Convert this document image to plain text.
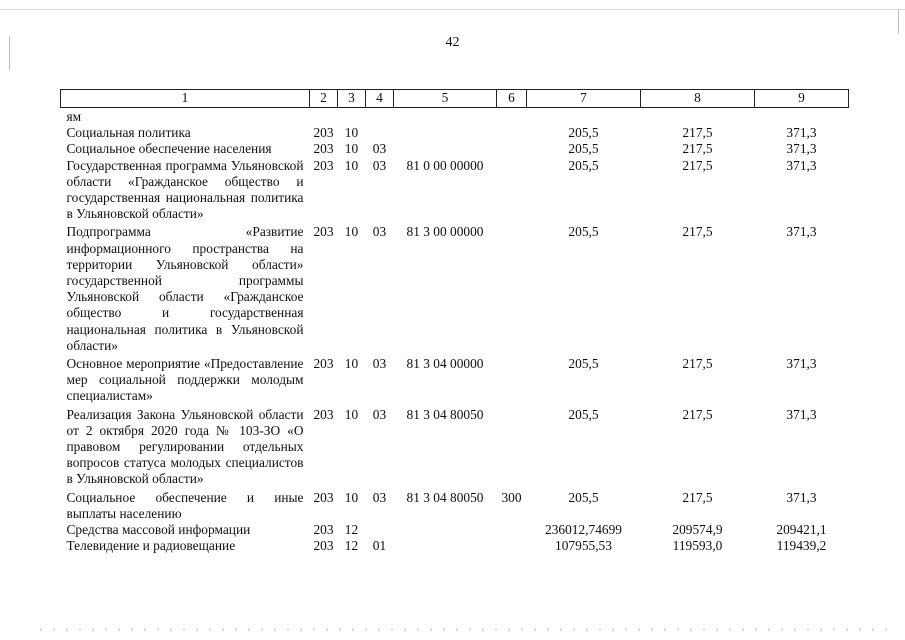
42
1	2	3	4	5	6	7	8	9
ям								
Социальная политика	203	10				205,5	217,5	371,3
Социальное обеспечение населения	203	10	03			205,5	217,5	371,3
Государственная программа Ульяновской области «Гражданское общество и государственная национальная политика в Ульяновской области»	203	10	03	81 0 00 00000		205,5	217,5	371,3
Подпрограмма «Развитие информационного пространства на территории Ульяновской области» государственной программы Ульяновской области «Гражданское общество и государственная национальная политика в Ульяновской области»	203	10	03	81 3 00 00000		205,5	217,5	371,3
Основное мероприятие «Предоставление мер социальной поддержки молодым специалистам»	203	10	03	81 3 04 00000		205,5	217,5	371,3
Реализация Закона Ульяновской области от 2 октября 2020 года № 103-ЗО «О правовом регулировании отдельных вопросов статуса молодых специалистов в Ульяновской области»	203	10	03	81 3 04 80050		205,5	217,5	371,3
Социальное обеспечение и иные выплаты населению	203	10	03	81 3 04 80050	300	205,5	217,5	371,3
Средства массовой информации	203	12				236012,74699	209574,9	209421,1
Телевидение и радиовещание	203	12	01			107955,53	119593,0	119439,2
